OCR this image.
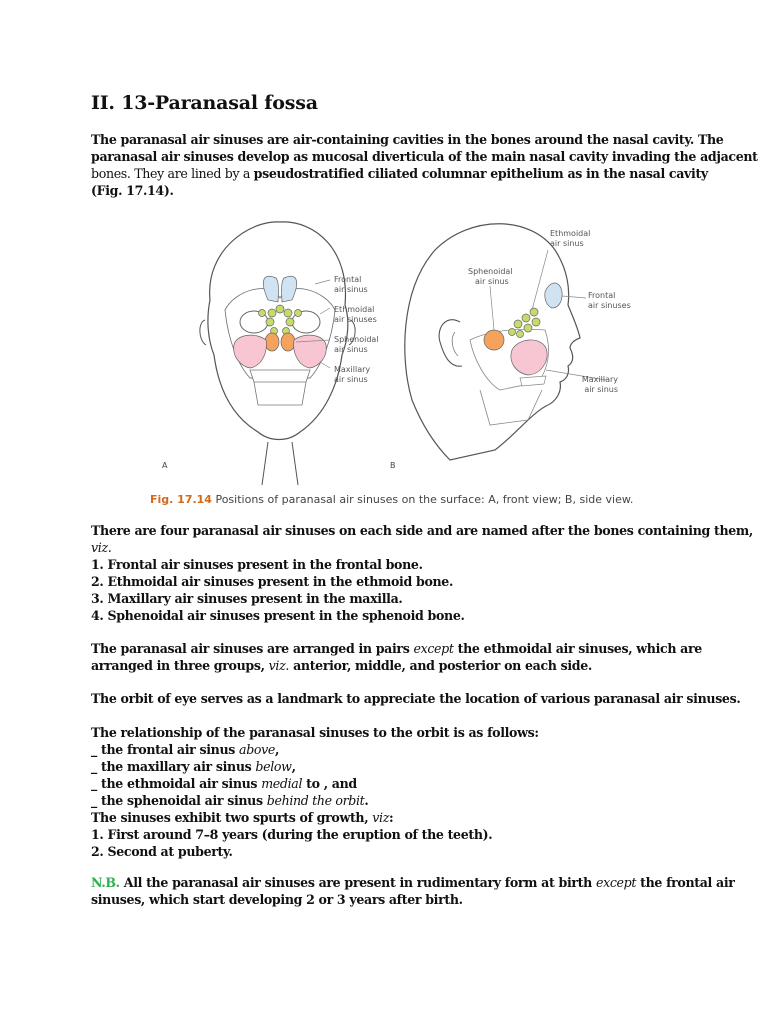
II. 13-Paranasal fossa
The paranasal air sinuses are air-containing cavities in the bones around the nasal cavity. The
paranasal air sinuses develop as mucosal diverticula of the main nasal cavity invading the adjacent
bones. They are lined by a pseudostratified ciliated columnar epithelium as in the nasal cavity
(Fig. 17.14).
Frontal air sinus
Ethmoidal air sinuses
Sphenoidal air sinus
Maxillary air sinus
A
Ethmoidal air sinus
Sphenoidal air sinus
Frontal air sinuses
Maxillary air sinus
B
Fig. 17.14 Positions of paranasal air sinuses on the surface: A, front view; B, side view.
There are four paranasal air sinuses on each side and are named after the bones containing them,
viz.
1. Frontal air sinuses present in the frontal bone.
2. Ethmoidal air sinuses present in the ethmoid bone.
3. Maxillary air sinuses present in the maxilla.
4. Sphenoidal air sinuses present in the sphenoid bone.
The paranasal air sinuses are arranged in pairs except the ethmoidal air sinuses, which are
arranged in three groups, viz. anterior, middle, and posterior on each side.
The orbit of eye serves as a landmark to appreciate the location of various paranasal air sinuses.
The relationship of the paranasal sinuses to the orbit is as follows:
_ the frontal air sinus above,
_ the maxillary air sinus below,
_ the ethmoidal air sinus medial to , and
_ the sphenoidal air sinus behind the orbit.
The sinuses exhibit two spurts of growth, viz:
1. First around 7–8 years (during the eruption of the teeth).
2. Second at puberty.
N.B. All the paranasal air sinuses are present in rudimentary form at birth except the frontal air
sinuses, which start developing 2 or 3 years after birth.
